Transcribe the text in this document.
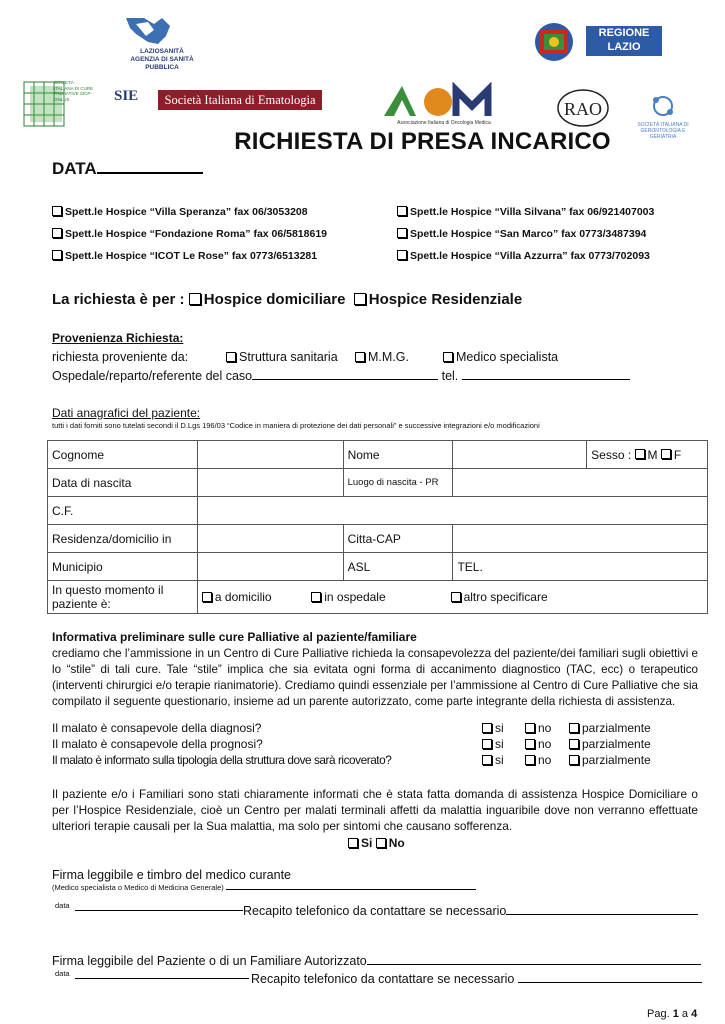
LAZIOSANITÀ
AGENZIA DI SANITÀ PUBBLICA
REGIONE
LAZIO
SOCIETÀ ITALIANA DI CURE PALLIATIVE SICP-ONLUS	SIE	Società Italiana di Ematologia
Associazione Italiana di Oncologia Medica
RAO
SOCIETÀ ITALIANA DI GERONTOLOGIA E GERIATRIA
RICHIESTA DI PRESA INCARICO
DATA
Spett.le Hospice “Villa Speranza” fax 06/3053208	Spett.le Hospice “Villa Silvana” fax 06/921407003
Spett.le Hospice “Fondazione Roma” fax 06/5818619	Spett.le Hospice “San Marco” fax 0773/3487394
Spett.le Hospice “ICOT Le Rose” fax 0773/6513281	Spett.le Hospice “Villa Azzurra” fax 0773/702093
La richiesta è per : Hospice domiciliare Hospice Residenziale
Provenienza Richiesta:
richiesta proveniente da:	Struttura sanitaria	M.M.G.	Medico specialista
Ospedale/reparto/referente del caso	tel.
Dati anagrafici del paziente:
tutti i dati forniti sono tutelati secondi il D.Lgs 196/03 “Codice in maniera di protezione dei dati personali” e successive integrazioni e/o modificazioni
Cognome		Nome		Sesso : M F
Data di nascita		Luogo di nascita - PR		
C.F.				
Residenza/domicilio in		Citta-CAP		
Municipio		ASL	TEL.	
In questo momento il paziente è:	a domicilio in ospedale altro specificare			
Informativa preliminare sulle cure Palliative al paziente/familiare
crediamo che l’ammissione in un Centro di Cure Palliative richieda la consapevolezza del paziente/dei familiari sugli obiettivi e lo “stile” di tali cure. Tale “stile” implica che sia evitata ogni forma di accanimento diagnostico (TAC, ecc) o terapeutico (interventi chirurgici e/o terapie rianimatorie). Crediamo quindi essenziale per l’ammissione al Centro di Cure Palliative che sia compilato il seguente questionario, insieme ad un parente autorizzato, come parte integrante della richiesta di assistenza.
Il malato è consapevole della diagnosi?	si	no	parzialmente
Il malato è consapevole della prognosi?	si	no	parzialmente
Il malato è informato sulla tipologia della struttura dove sarà ricoverato?	si	no	parzialmente
Il paziente e/o i Familiari sono stati chiaramente informati che è stata fatta domanda di assistenza Hospice Domiciliare o per l’Hospice Residenziale, cioè un Centro per malati terminali affetti da malattia inguaribile dove non verranno effettuate ulteriori terapie causali per la Sua malattia, ma solo per sintomi che causano sofferenza.
Si No
Firma leggibile e timbro del medico curante
(Medico specialista o Medico di Medicina Generale)
data	Recapito telefonico da contattare se necessario
Firma leggibile del Paziente o di un Familiare Autorizzato
data	Recapito telefonico da contattare se necessario
Pag. 1 a 4
